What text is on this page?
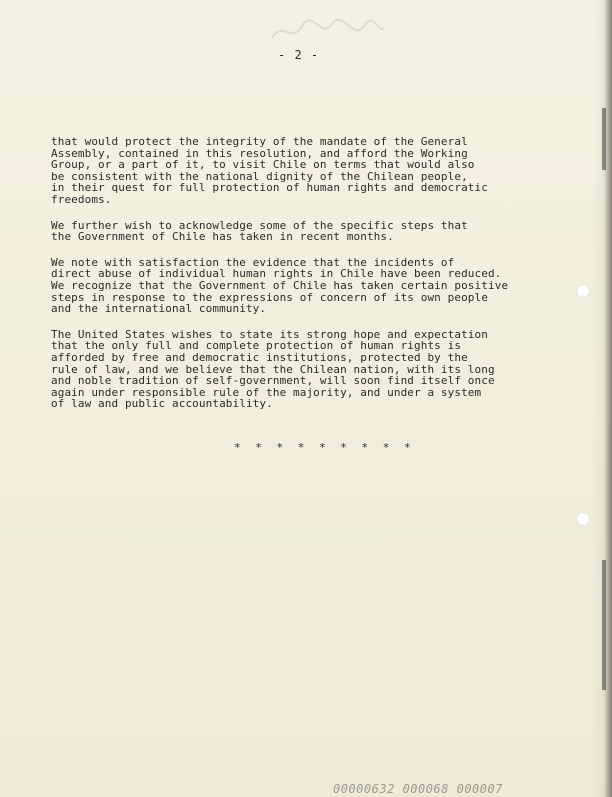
- 2 -

that would protect the integrity of the mandate of the General
Assembly, contained in this resolution, and afford the Working
Group, or a part of it, to visit Chile on terms that would also
be consistent with the national dignity of the Chilean people,
in their quest for full protection of human rights and democratic
freedoms.

We further wish to acknowledge some of the specific steps that
the Government of Chile has taken in recent months.

We note with satisfaction the evidence that the incidents of
direct abuse of individual human rights in Chile have been reduced.
We recognize that the Government of Chile has taken certain positive
steps in response to the expressions of concern of its own people
and the international community.

The United States wishes to state its strong hope and expectation
that the only full and complete protection of human rights is
afforded by free and democratic institutions, protected by the
rule of law, and we believe that the Chilean nation, with its long
and noble tradition of self-government, will soon find itself once
again under responsible rule of the majority, and under a system
of law and public accountability.

* * * * * * * * *
00000632 000068 000007
